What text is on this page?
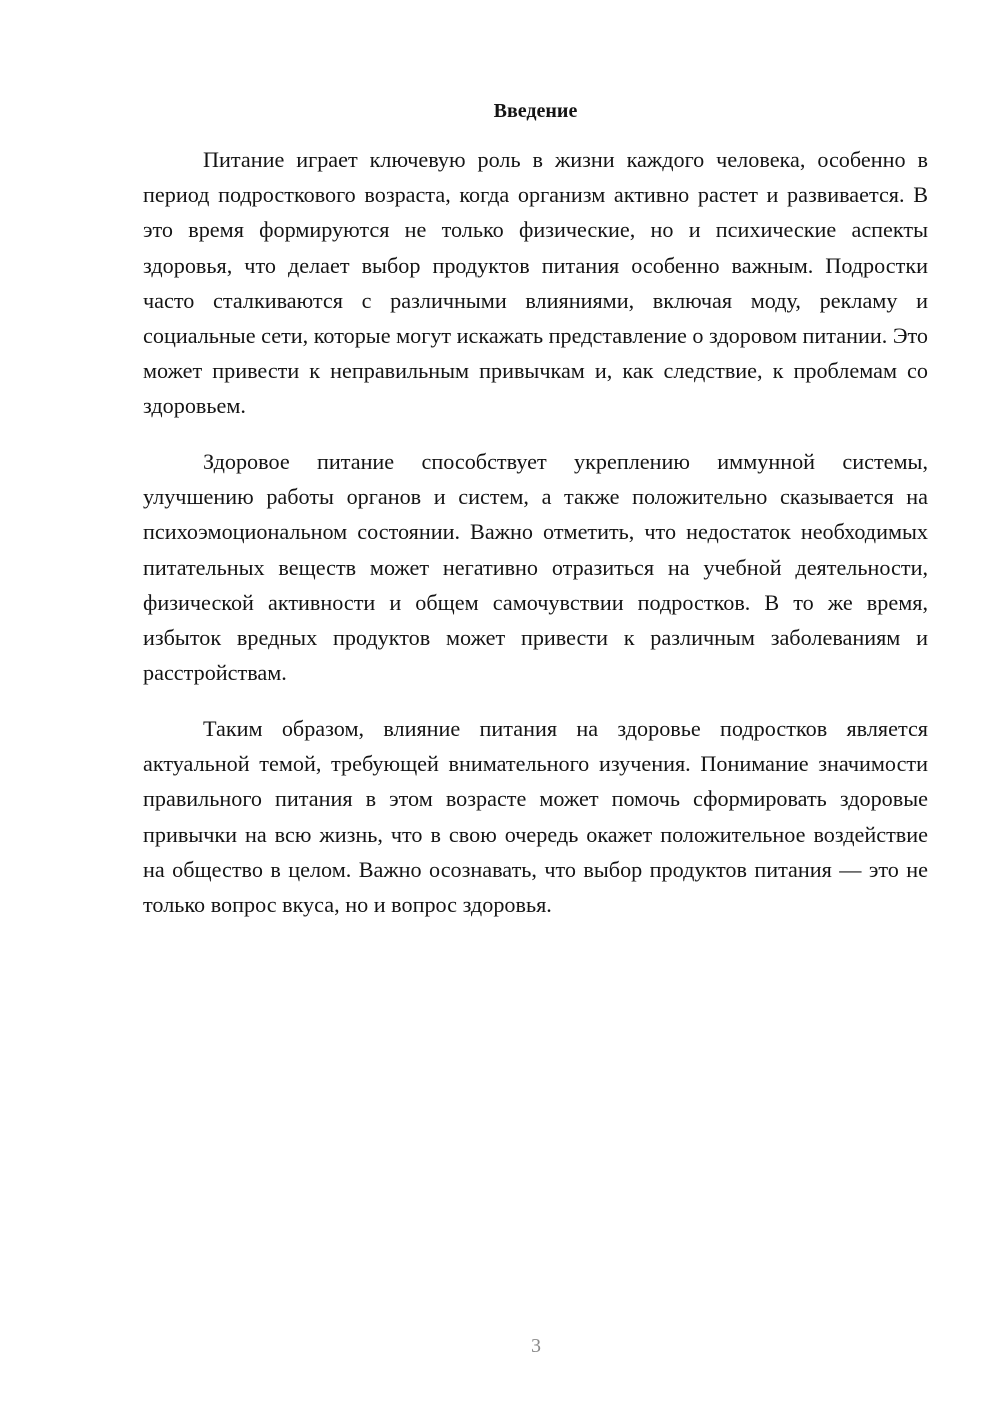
Введение

Питание играет ключевую роль в жизни каждого человека, особенно в период подросткового возраста, когда организм активно растет и развивается. В это время формируются не только физические, но и психические аспекты здоровья, что делает выбор продуктов питания особенно важным. Подростки часто сталкиваются с различными влияниями, включая моду, рекламу и социальные сети, которые могут искажать представление о здоровом питании. Это может привести к неправильным привычкам и, как следствие, к проблемам со здоровьем.

Здоровое питание способствует укреплению иммунной системы, улучшению работы органов и систем, а также положительно сказывается на психоэмоциональном состоянии. Важно отметить, что недостаток необходимых питательных веществ может негативно отразиться на учебной деятельности, физической активности и общем самочувствии подростков. В то же время, избыток вредных продуктов может привести к различным заболеваниям и расстройствам.

Таким образом, влияние питания на здоровье подростков является актуальной темой, требующей внимательного изучения. Понимание значимости правильного питания в этом возрасте может помочь сформировать здоровые привычки на всю жизнь, что в свою очередь окажет положительное воздействие на общество в целом. Важно осознавать, что выбор продуктов питания — это не только вопрос вкуса, но и вопрос здоровья.

3
